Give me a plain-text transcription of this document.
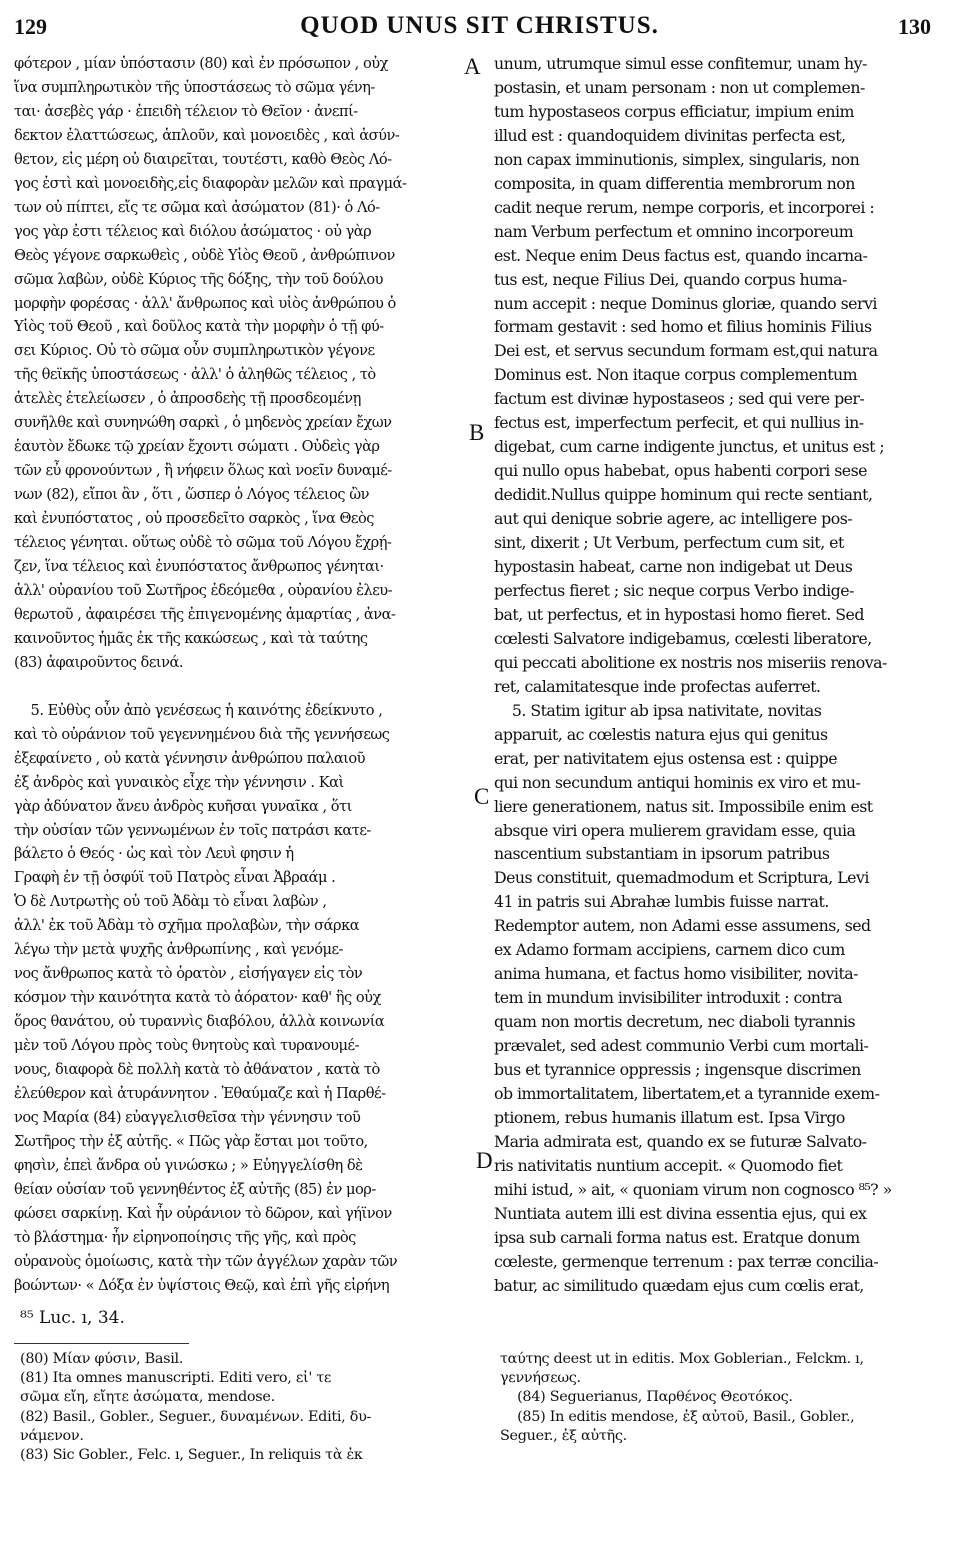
129	QUOD UNUS SIT CHRISTUS.	130
φότερον , μίαν ὑπόστασιν (80) καὶ ἐν πρόσωπον , οὐχ
ἵνα συμπληρωτικὸν τῆς ὑποστάσεως τὸ σῶμα γένη-
ται· ἀσεβὲς γάρ · ἐπειδὴ τέλειον τὸ Θεῖον · ἀνεπί-
δεκτον ἐλαττώσεως, ἁπλοῦν, καὶ μονοειδὲς , καὶ ἀσύν-
θετον, εἰς μέρη οὐ διαιρεῖται, τουτέστι, καθὸ Θεὸς Λό-
γος ἐστὶ καὶ μονοειδὴς,εἰς διαφορὰν μελῶν καὶ πραγμά-
των οὐ πίπτει, εἴς τε σῶμα καὶ ἀσώματον (81)· ὁ Λό-
γος γὰρ ἐστι τέλειος καὶ διόλου ἀσώματος · οὐ γὰρ
Θεὸς γέγονε σαρκωθεὶς , οὐδὲ Υἱὸς Θεοῦ , ἀνθρώπινον
σῶμα λαβὼν, οὐδὲ Κύριος τῆς δόξης, τὴν τοῦ δούλου
μορφὴν φορέσας · ἀλλ' ἄνθρωπος καὶ υἱὸς ἀνθρώπου ὁ
Υἱὸς τοῦ Θεοῦ , καὶ δοῦλος κατὰ τὴν μορφὴν ὁ τῇ φύ-
σει Κύριος. Οὐ τὸ σῶμα οὖν συμπληρωτικὸν γέγονε
τῆς θεϊκῆς ὑποστάσεως · ἀλλ' ὁ ἀληθῶς τέλειος , τὸ
ἀτελὲς ἐτελείωσεν , ὁ ἀπροσδεὴς τῇ προσδεομένῃ
συνῆλθε καὶ συνηνώθη σαρκὶ , ὁ μηδενὸς χρείαν ἔχων
ἑαυτὸν ἔδωκε τῷ χρείαν ἔχοντι σώματι . Οὐδεὶς γὰρ
τῶν εὖ φρονούντων , ἢ νήφειν ὅλως καὶ νοεῖν δυναμέ-
νων (82), εἴποι ἂν , ὅτι , ὥσπερ ὁ Λόγος τέλειος ὢν
καὶ ἐνυπόστατος , οὐ προσεδεῖτο σαρκὸς , ἵνα Θεὸς
τέλειος γένηται. οὕτως οὐδὲ τὸ σῶμα τοῦ Λόγου ἔχρῄ-
ζεν, ἵνα τέλειος καὶ ἐνυπόστατος ἄνθρωπος γένηται·
ἀλλ' οὐρανίου τοῦ Σωτῆρος ἐδεόμεθα , οὐρανίου ἐλευ-
θερωτοῦ , ἀφαιρέσει τῆς ἐπιγενομένης ἁμαρτίας , ἀνα-
καινοῦντος ἡμᾶς ἐκ τῆς κακώσεως , καὶ τὰ ταύτης
(83) ἀφαιροῦντος δεινά.

5. Εὐθὺς οὖν ἀπὸ γενέσεως ἡ καινότης ἐδείκνυτο ,
καὶ τὸ οὐράνιον τοῦ γεγεννημένου διὰ τῆς γεννήσεως
ἐξεφαίνετο , οὐ κατὰ γέννησιν ἀνθρώπου παλαιοῦ
ἐξ ἀνδρὸς καὶ γυναικὸς εἶχε τὴν γέννησιν . Καὶ
γὰρ ἀδύνατον ἄνευ ἀνδρὸς κυῆσαι γυναῖκα , ὅτι
τὴν οὐσίαν τῶν γεννωμένων ἐν τοῖς πατράσι κατε-
βάλετο ὁ Θεός · ὡς καὶ τὸν Λευὶ φησιν ἡ
Γραφὴ ἐν τῇ ὀσφύϊ τοῦ Πατρὸς εἶναι Ἀβραάμ .
Ὁ δὲ Λυτρωτὴς οὐ τοῦ Ἀδὰμ τὸ εἶναι λαβὼν ,
ἀλλ' ἐκ τοῦ Ἀδὰμ τὸ σχῆμα προλαβὼν, τὴν σάρκα
λέγω τὴν μετὰ ψυχῆς ἀνθρωπίνης , καὶ γενόμε-
νος ἄνθρωπος κατὰ τὸ ὁρατὸν , εἰσήγαγεν εἰς τὸν
κόσμον τὴν καινότητα κατὰ τὸ ἀόρατον· καθ' ἣς οὐχ
ὅρος θανάτου, οὐ τυραννὶς διαβόλου, ἀλλὰ κοινωνία
μὲν τοῦ Λόγου πρὸς τοὺς θνητοὺς καὶ τυρανουμέ-
νους, διαφορὰ δὲ πολλὴ κατὰ τὸ ἀθάνατον , κατὰ τὸ
ἐλεύθερον καὶ ἀτυράννητον . Ἐθαύμαζε καὶ ἡ Παρθέ-
νος Μαρία (84) εὐαγγελισθεῖσα τὴν γέννησιν τοῦ
Σωτῆρος τὴν ἐξ αὐτῆς. « Πῶς γὰρ ἔσται μοι τοῦτο,
φησὶν, ἐπεὶ ἄνδρα οὐ γινώσκω ; » Εὐηγγελίσθη δὲ
θείαν οὐσίαν τοῦ γεννηθέντος ἐξ αὐτῆς (85) ἐν μορ-
φώσει σαρκίνῃ. Καὶ ἦν οὐράνιον τὸ δῶρον, καὶ γήϊνον
τὸ βλάστημα· ἦν εἰρηνοποίησις τῆς γῆς, καὶ πρὸς
οὐρανοὺς ὁμοίωσις, κατὰ τὴν τῶν ἀγγέλων χαρὰν τῶν
βοώντων· « Δόξα ἐν ὑψίστοις Θεῷ, καὶ ἐπὶ γῆς εἰρήνη
unum, utrumque simul esse confitemur, unam hy-
postasin, et unam personam : non ut complemen-
tum hypostaseos corpus efficiatur, impium enim
illud est : quandoquidem divinitas perfecta est,
non capax imminutionis, simplex, singularis, non
composita, in quam differentia membrorum non
cadit neque rerum, nempe corporis, et incorporei :
nam Verbum perfectum et omnino incorporeum
est. Neque enim Deus factus est, quando incarna-
tus est, neque Filius Dei, quando corpus huma-
num accepit : neque Dominus gloriæ, quando servi
formam gestavit : sed homo et filius hominis Filius
Dei est, et servus secundum formam est,qui natura
Dominus est. Non itaque corpus complementum
factum est divinæ hypostaseos ; sed qui vere per-
fectus est, imperfectum perfecit, et qui nullius in-
digebat, cum carne indigente junctus, et unitus est ;
qui nullo opus habebat, opus habenti corpori sese
dedidit.Nullus quippe hominum qui recte sentiant,
aut qui denique sobrie agere, ac intelligere pos-
sint, dixerit ; Ut Verbum, perfectum cum sit, et
hypostasin habeat, carne non indigebat ut Deus
perfectus fieret ; sic neque corpus Verbo indige-
bat, ut perfectus, et in hypostasi homo fieret. Sed
cœlesti Salvatore indigebamus, cœlesti liberatore,
qui peccati abolitione ex nostris nos miseriis renova-
ret, calamitatesque inde profectas auferret.
5. Statim igitur ab ipsa nativitate, novitas
apparuit, ac cœlestis natura ejus qui genitus
erat, per nativitatem ejus ostensa est : quippe
qui non secundum antiqui hominis ex viro et mu-
liere generationem, natus sit. Impossibile enim est
absque viri opera mulierem gravidam esse, quia
nascentium substantiam in ipsorum patribus
Deus constituit, quemadmodum et Scriptura, Levi
41 in patris sui Abrahæ lumbis fuisse narrat.
Redemptor autem, non Adami esse assumens, sed
ex Adamo formam accipiens, carnem dico cum
anima humana, et factus homo visibiliter, novita-
tem in mundum invisibiliter introduxit : contra
quam non mortis decretum, nec diaboli tyrannis
prævalet, sed adest communio Verbi cum mortali-
bus et tyrannice oppressis ; ingensque discrimen
ob immortalitatem, libertatem,et a tyrannide exem-
ptionem, rebus humanis illatum est. Ipsa Virgo
Maria admirata est, quando ex se futuræ Salvato-
ris nativitatis nuntium accepit. « Quomodo fiet
mihi istud, » ait, « quoniam virum non cognosco ⁸⁵? »
Nuntiata autem illi est divina essentia ejus, qui ex
ipsa sub carnali forma natus est. Eratque donum
cœleste, germenque terrenum : pax terræ concilia-
batur, ac similitudo quædam ejus cum cœlis erat,
A
B
C
D
⁸⁵ Luc. ı, 34.
(80) Μίαν φύσιν, Basil.
(81) Ita omnes manuscripti. Editi vero, εἰ' τε
σῶμα εἴη, εἴητε ἀσώματα, mendose.
(82) Basil., Gobler., Seguer., δυναμένων. Editi, δυ-
νάμενον.
(83) Sic Gobler., Felc. ı, Seguer., In reliquis τὰ ἐκ
ταύτης deest ut in editis. Mox Goblerian., Felckm. ı,
γεννήσεως.
(84) Seguerianus, Παρθένος Θεοτόκος.
(85) In editis mendose, ἐξ αὐτοῦ, Basil., Gobler.,
Seguer., ἐξ αὐτῆς.
